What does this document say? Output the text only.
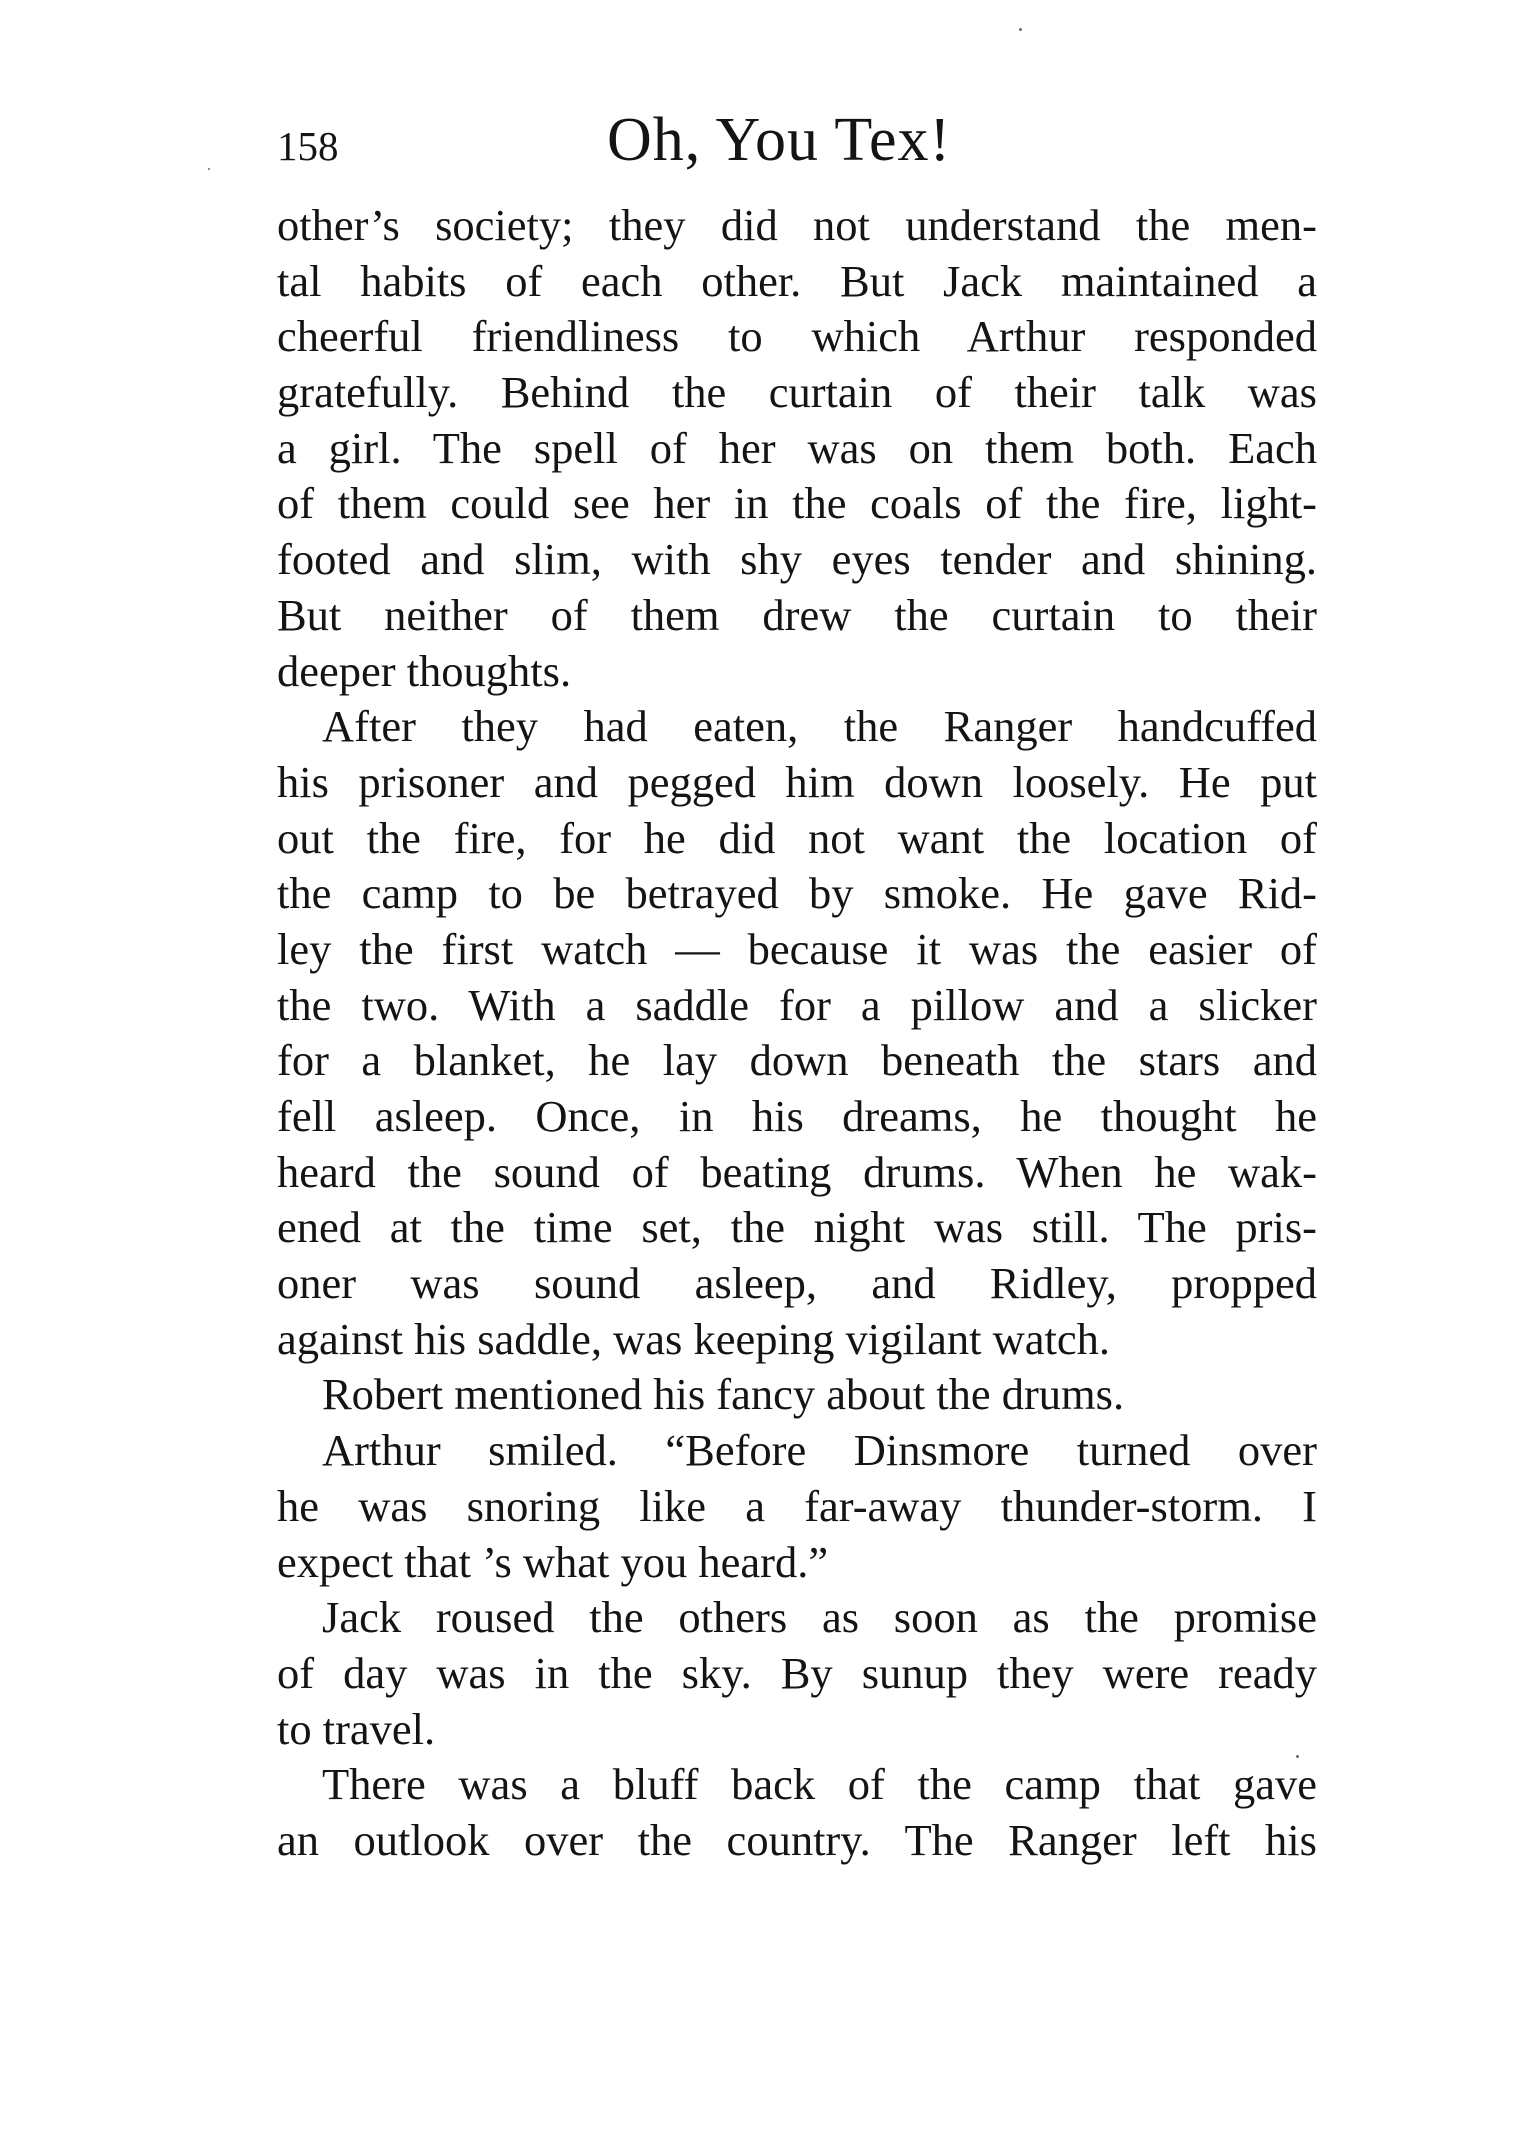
158	Oh, You Tex!
other’s society; they did not understand the men-
tal habits of each other. But Jack maintained a
cheerful friendliness to which Arthur responded
gratefully. Behind the curtain of their talk was
a girl. The spell of her was on them both. Each
of them could see her in the coals of the fire, light-
footed and slim, with shy eyes tender and shining.
But neither of them drew the curtain to their
deeper thoughts.
After they had eaten, the Ranger handcuffed
his prisoner and pegged him down loosely. He put
out the fire, for he did not want the location of
the camp to be betrayed by smoke. He gave Rid-
ley the first watch — because it was the easier of
the two. With a saddle for a pillow and a slicker
for a blanket, he lay down beneath the stars and
fell asleep. Once, in his dreams, he thought he
heard the sound of beating drums. When he wak-
ened at the time set, the night was still. The pris-
oner was sound asleep, and Ridley, propped
against his saddle, was keeping vigilant watch.
Robert mentioned his fancy about the drums.
Arthur smiled. “Before Dinsmore turned over
he was snoring like a far-away thunder-storm. I
expect that ’s what you heard.”
Jack roused the others as soon as the promise
of day was in the sky. By sunup they were ready
to travel.
There was a bluff back of the camp that gave
an outlook over the country. The Ranger left his
